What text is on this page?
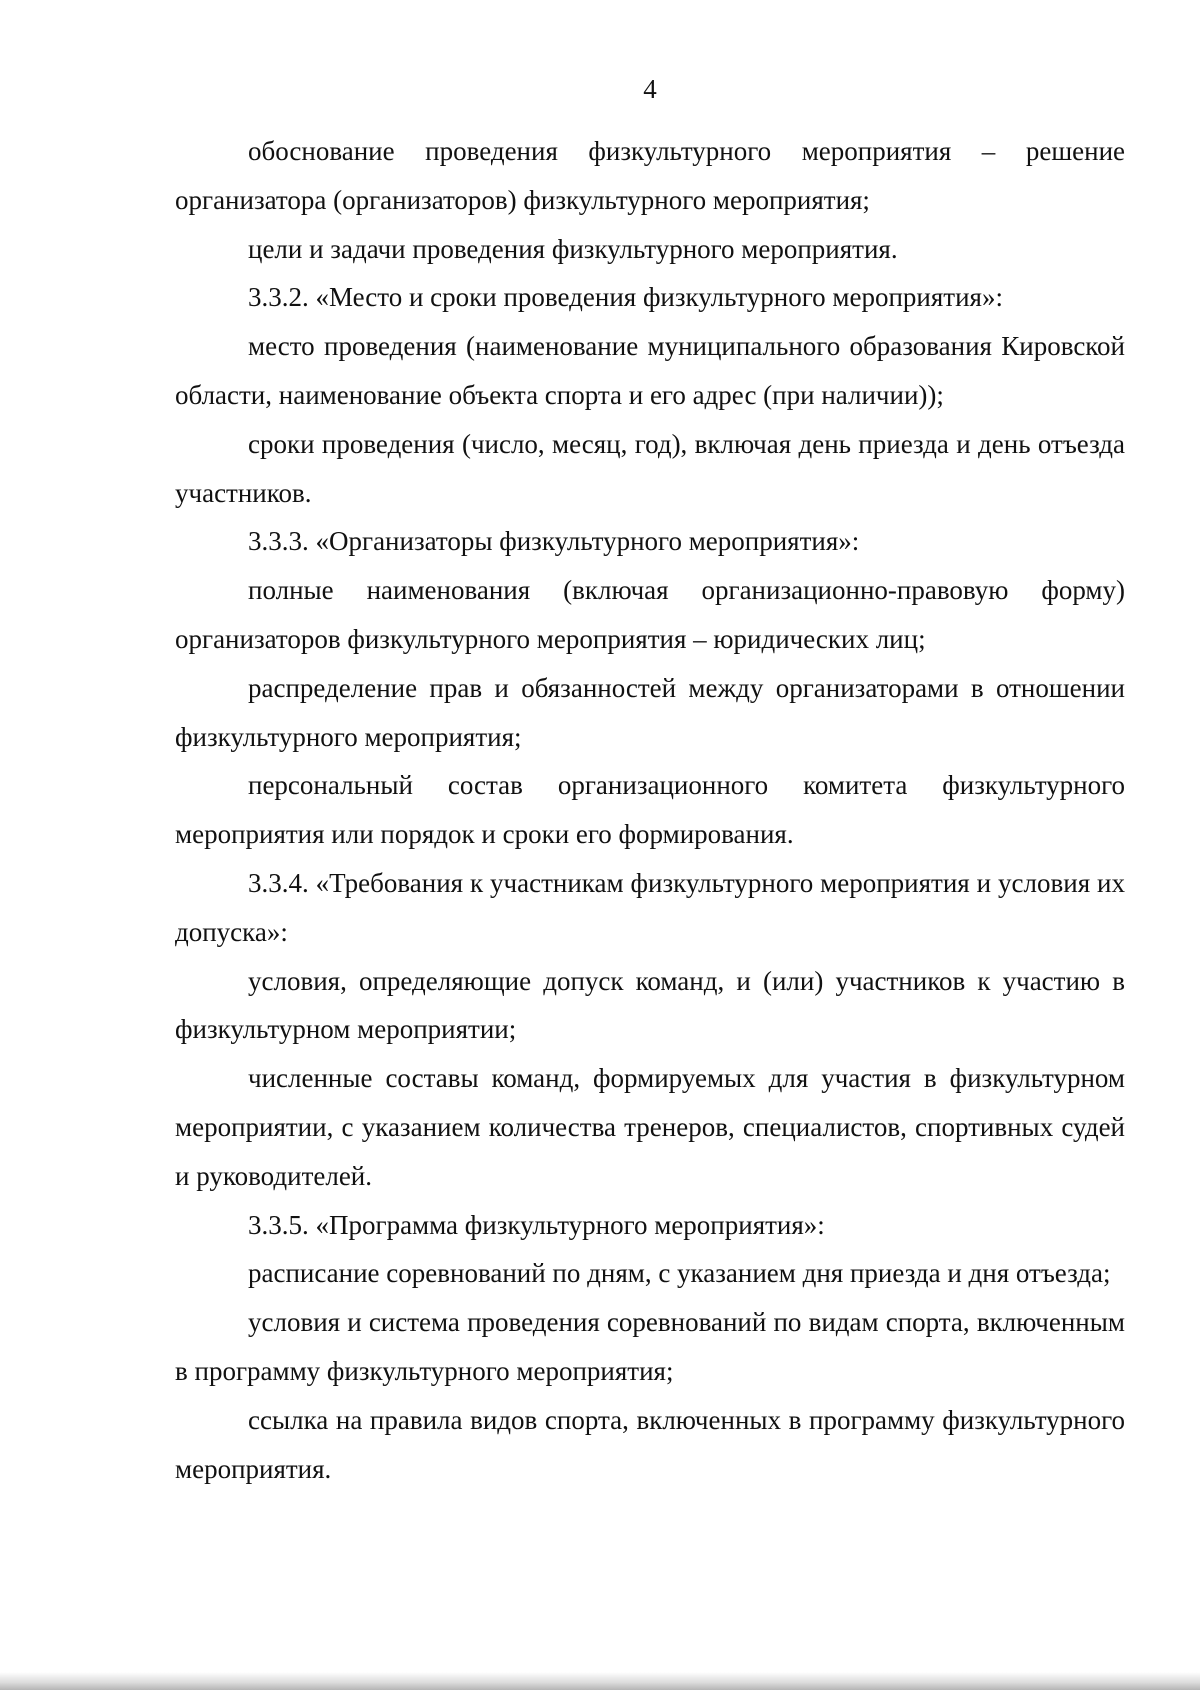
4

обоснование проведения физкультурного мероприятия – решение организатора (организаторов) физкультурного мероприятия;

цели и задачи проведения физкультурного мероприятия.

3.3.2. «Место и сроки проведения физкультурного мероприятия»:

место проведения (наименование муниципального образования Кировской области, наименование объекта спорта и его адрес (при наличии));

сроки проведения (число, месяц, год), включая день приезда и день отъезда участников.

3.3.3. «Организаторы физкультурного мероприятия»:

полные наименования (включая организационно-правовую форму) организаторов физкультурного мероприятия – юридических лиц;

распределение прав и обязанностей между организаторами в отношении физкультурного мероприятия;

персональный состав организационного комитета физкультурного мероприятия или порядок и сроки его формирования.

3.3.4. «Требования к участникам физкультурного мероприятия и условия их допуска»:

условия, определяющие допуск команд, и (или) участников к участию в физкультурном мероприятии;

численные составы команд, формируемых для участия в физкультурном мероприятии, с указанием количества тренеров, специалистов, спортивных судей и руководителей.

3.3.5. «Программа физкультурного мероприятия»:

расписание соревнований по дням, с указанием дня приезда и дня отъезда;

условия и система проведения соревнований по видам спорта, включенным в программу физкультурного мероприятия;

ссылка на правила видов спорта, включенных в программу физкультурного мероприятия.
